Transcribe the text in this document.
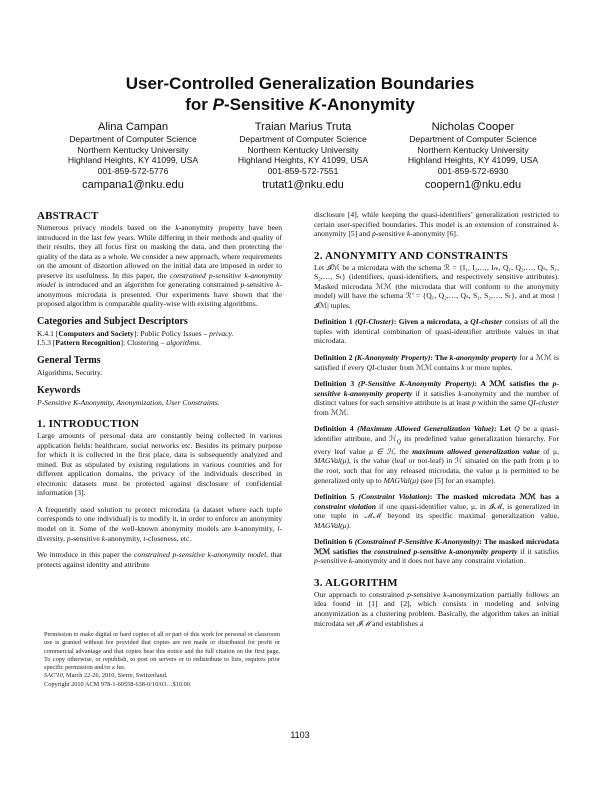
User-Controlled Generalization Boundaries
for P-Sensitive K-Anonymity
Alina Campan
Department of Computer Science
Northern Kentucky University
Highland Heights, KY 41099, USA
001-859-572-5776
campana1@nku.edu
Traian Marius Truta
Department of Computer Science
Northern Kentucky University
Highland Heights, KY 41099, USA
001-859-572-7551
trutat1@nku.edu
Nicholas Cooper
Department of Computer Science
Northern Kentucky University
Highland Heights, KY 41099, USA
001-859-572-6930
coopern1@nku.edu
ABSTRACT

Numerous privacy models based on the k-anonymity property have been introduced in the last few years. While differing in their methods and quality of their results, they all focus first on masking the data, and then protecting the quality of the data as a whole. We consider a new approach, where requirements on the amount of distortion allowed on the initial data are imposed in order to preserve its usefulness. In this paper, the constrained p-sensitive k-anonymity model is introduced and an algorithm for generating constrained p-sensitive k-anonymous microdata is presented. Our experiments have shown that the proposed algorithm is comparable quality-wise with existing algorithms.

Categories and Subject Descriptors

K.4.1 [Computers and Society]: Public Policy Issues – privacy.

I.5.3 [Pattern Recognition]: Clustering – algorithms.

General Terms

Algorithms, Security.

Keywords

P-Sensitive K-Anonymity, Anonymization, User Constraints.

1. INTRODUCTION

Large amounts of personal data are constantly being collected in various application fields: healthcare, social networks etc. Besides its primary purpose for which it is collected in the first place, data is subsequently analyzed and mined. But as stipulated by existing regulations in various countries and for different application domains, the privacy of the individuals described in electronic datasets must be protected against disclosure of confidential information [3].

A frequently used solution to protect microdata (a dataset where each tuple corresponds to one individual) is to modify it, in order to enforce an anonymity model on it. Some of the well-known anonymity models are k-anonymity, l-diversity, p-sensitive k-anonymity, t-closeness, etc.

We introduce in this paper the constrained p-sensitive k-anonymity model, that protects against identity and attribute

Permission to make digital or hard copies of all or part of this work for personal or classroom use is granted without fee provided that copies are not made or distributed for profit or commercial advantage and that copies bear this notice and the full citation on the first page. To copy otherwise, or republish, to post on servers or to redistribute to lists, requires prior specific permission and/or a fee.

SAC'10, March 22-26, 2010, Sierre, Switzerland.

Copyright 2010 ACM 978-1-60558-638-0/10/03…$10.00.

disclosure [4], while keeping the quasi-identifiers’ generalization restricted to certain user-specified boundaries. This model is an extension of constrained k-anonymity [5] and p-sensitive k-anonymity [6].

2. ANONYMITY AND CONSTRAINTS

Let 𝓘ℳ be a microdata with the schema ℛ = {I₁, I₂,…, Iₘ, Q₁, Q₂,…, Qₛ, S₁, S₂,…, Sₜ} (identifiers, quasi-identifiers, and respectively sensitive attributes). Masked microdata ℳℳ (the microdata that will conform to the anonymity model) will have the schema ℛ’ = {Q₁, Q₂,…, Qₛ, S₁, S₂,…, Sₜ}, and at most |𝓘ℳ| tuples.

Definition 1 (QI-Cluster): Given a microdata, a QI-cluster consists of all the tuples with identical combination of quasi-identifier attribute values in that microdata.

Definition 2 (K-Anonymity Property): The k-anonymity property for a ℳℳ is satisfied if every QI-cluster from ℳℳ contains k or more tuples.

Definition 3 (P-Sensitive K-Anonymity Property): A ℳℳ satisfies the p-sensitive k-anonymity property if it satisfies k-anonymity and the number of distinct values for each sensitive attribute is at least p within the same QI-cluster from ℳℳ.

Definition 4 (Maximum Allowed Generalization Value): Let Q be a quasi-identifier attribute, and ℋ$_Q$ its predefined value generalization hierarchy. For every leaf value μ ∈ ℋ, the maximum allowed generalization value of μ, MAGVal(μ), is the value (leaf or not-leaf) in ℋ situated on the path from μ to the root, such that for any released microdata, the value μ is permitted to be generalized only up to MAGVal(μ) (see [5] for an example).

Definition 5 (Constraint Violation): The masked microdata ℳℳ has a constraint violation if one quasi-identifier value, μ, in 𝓘ℳ, is generalized in one tuple in ℳℳ beyond its specific maximal generalization value, MAGVal(μ).

Definition 6 (Constrained P-Sensitive K-Anonymity): The masked microdata ℳℳ satisfies the constrained p-sensitive k-anonymity property if it satisfies p-sensitive k-anonymity and it does not have any constraint violation.

3. ALGORITHM

Our approach to constrained p-sensitive k-anonymization partially follows an idea found in [1] and [2], which consists in modeling and solving anonymization as a clustering problem. Basically, the algorithm takes an initial microdata set 𝓘ℳ and establishes a

1103
